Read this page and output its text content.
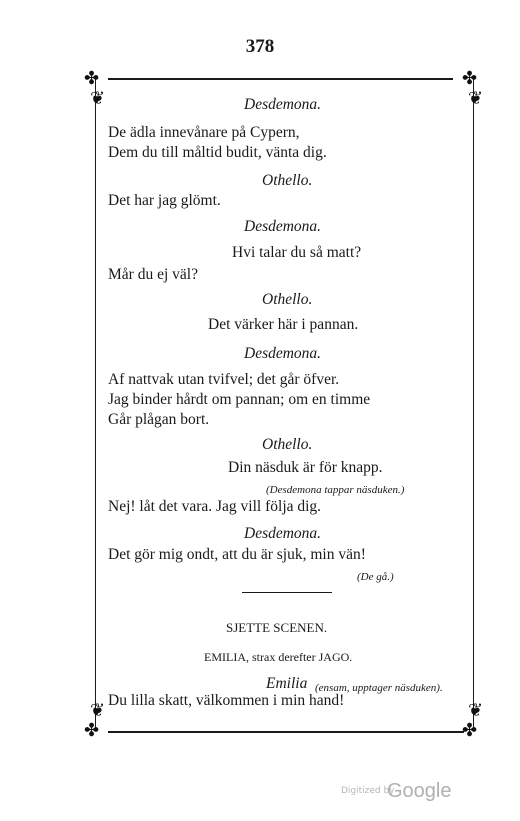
378
✤
❦
✤
❦
✤
❦
✤
❦
Desdemona.
De ädla innevånare på Cypern,
Dem du till måltid budit, vänta dig.
Othello.
Det har jag glömt.
Desdemona.
Hvi talar du så matt?
Mår du ej väl?
Othello.
Det värker här i pannan.
Desdemona.
Af nattvak utan tvifvel; det går öfver.
Jag binder hårdt om pannan; om en timme
Går plågan bort.
Othello.
Din näsduk är för knapp.
(Desdemona tappar näsduken.)
Nej! låt det vara. Jag vill följa dig.
Desdemona.
Det gör mig ondt, att du är sjuk, min vän!
(De gå.)
SJETTE SCENEN.
EMILIA, strax derefter JAGO.
Emilia (ensam, upptager näsduken).
Du lilla skatt, välkommen i min hand!
Digitized by
Google
